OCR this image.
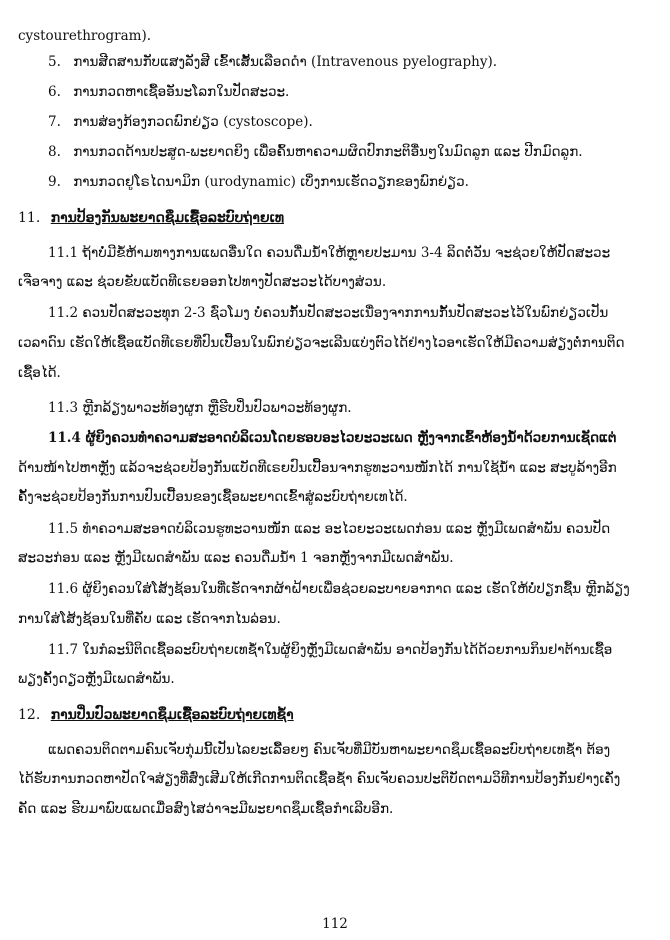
cystourethrogram).
5. ການສີດສານກັບແສງລັງສີ ເຂົ້າເສັ້ນເລືອດດຳ (Intravenous pyelography).
6. ການກວດຫາເຊື້ອອັນະໂລກໃນປັດສະວະ.
7. ການສ່ອງກ້ອງກວດພົກຍ່ຽວ (cystoscope).
8. ການກວດດ້ານປະສູດ-ພະຍາດຍິງ ເພື່ອຄົ້ນຫາຄວາມຜິດປົກກະຕິອື່ນໆໃນມົດລູກ ແລະ ປີກມົດລູກ.
9. ການກວດຢູໂຣໄດນາມິກ (urodynamic) ເບິ່ງການເຮັດວຽກຂອງພົກຍ່ຽວ.
11. ການປ້ອງກັນພະຍາດຊຶມເຊື້ອລະບົບຖ່າຍເທ
11.1 ຖ້າບໍ່ມີຂໍ້ຫ້າມທາງການແພດອື່ນໃດ ຄວນດື່ມນ້ຳໃຫ້ຫຼາຍປະມານ 3-4 ລິດຕໍ່ວັນ ຈະຊ່ວຍໃຫ້ປັດສະວະ
ເຈືອຈາງ ແລະ ຊ່ວຍຂັບແບັດທີເຣຍອອກໄປທາງປັດສະວະໄດ້ບາງສ່ວນ.
11.2 ຄວນປັດສະວະທຸກ 2-3 ຊົ່ວໂມງ ບໍ່ຄວນກັ້ນປັດສະວະເນື່ອງຈາກການກັ້ນປັດສະວະໄວ້ໃນພົກຍ່ຽວເປັນ
ເວລາດົນ ເຮັດໃຫ້ເຊື້ອແບັດທີເຣຍທີ່ປົນເປື້ອນໃນພົກຍ່ຽວຈະເລີນແບ່ງຕົວໄດ້ຢ່າງໄວອາເຮັດໃຫ້ມີຄວາມສ່ຽງຕໍ່ການຕິດ
ເຊື້ອໄດ້.
11.3 ຫຼີກລ້ຽງພາວະທ້ອງຜູກ ຫຼືຮີບປິ່ນປົວພາວະທ້ອງຜູກ.
11.4 ຜູ້ຍິງຄວນທຳຄວາມສະອາດບໍລິເວນໂດຍຮອບອະໄວຍະວະເພດ ຫຼັງຈາກເຂົ້າຫ້ອງນ້ຳດ້ວຍການເຊັດແຕ່
ດ້ານໜ້າໄປຫາຫຼັງ ແລ້ວຈະຊ່ວຍປ້ອງກັນແບັດທີເຣຍປົນເປື້ອນຈາກຮູທະວານໜັກໄດ້ ການໃຊ້ນ້ຳ ແລະ ສະບູລ້າງອີກ
ຄັ້ງຈະຊ່ວຍປ້ອງກັນການປົນເປື້ອນຂອງເຊື້ອພະຍາດເຂົ້າສູ່ລະບົບຖ່າຍເທໄດ້.
11.5 ທຳຄວາມສະອາດບໍລິເວນຮູທະວານໜັກ ແລະ ອະໄວຍະວະເພດກ່ອນ ແລະ ຫຼັງມີເພດສຳພັນ ຄວນປັດ
ສະວະກ່ອນ ແລະ ຫຼັງມີເພດສຳພັນ ແລະ ຄວນດື່ມນ້ຳ 1 ຈອກຫຼັງຈາກມີເພດສຳພັນ.
11.6 ຜູ້ຍິງຄວນໃສ່ໂສ້ງຊ້ອນໃນທີ່ເຮັດຈາກຜ້າຝ້າຍເພື່ອຊ່ວຍລະບາຍອາກາດ ແລະ ເຮັດໃຫ້ບໍ່ປຽກຊື້ນ ຫຼີກລ້ຽງ
ການໃສ່ໂສ້ງຊ້ອນໃນທີ່ຄັບ ແລະ ເຮັດຈາກໄນລ່ອນ.
11.7 ໃນກໍລະນີຕິດເຊື້ອລະບົບຖ່າຍເທຊ້ຳໃນຜູ້ຍິງຫຼັງມີເພດສຳພັນ ອາດປ້ອງກັນໄດ້ດ້ວຍການກິນຢາຕ້ານເຊື້ອ
ພຽງຄັ້ງດຽວຫຼັງມີເພດສຳພັນ.
12. ການປິ່ນປົວພະຍາດຊຶມເຊື້ອລະບົບຖ່າຍເທຊ້ຳ
ແພດຄວນຕິດຕາມຄົນເຈັບກຸ່ມນີ້ເປັນໄລຍະເລື້ອຍໆ ຄົນເຈັບທີ່ມີບັນຫາພະຍາດຊຶມເຊື້ອລະບົບຖ່າຍເທຊ້ຳ ຕ້ອງ
ໄດ້ຮັບການກວດຫາປັດໃຈສ່ຽງທີ່ສົ່ງເສີມໃຫ້ເກີດການຕິດເຊື້ອຊ້ຳ ຄົນເຈັບຄວນປະຕິບັດຕາມວິທີການປ້ອງກັນຢ່າງເຄັ່ງ
ຄັດ ແລະ ຮີບມາພົບແພດເມື່ອສົງໄສວ່າຈະມີພະຍາດຊຶມເຊື້ອກຳເລີບອີກ.
112
